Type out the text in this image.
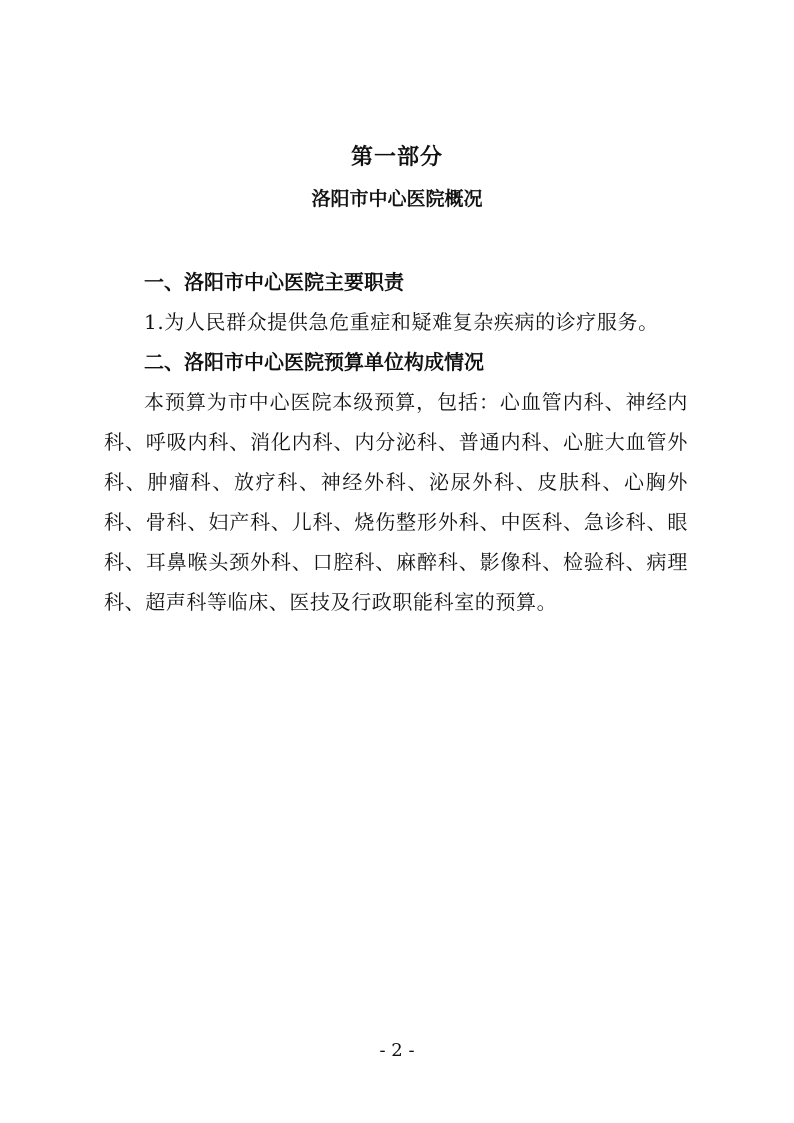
第一部分
洛阳市中心医院概况

一、洛阳市中心医院主要职责

1.为人民群众提供急危重症和疑难复杂疾病的诊疗服务。

二、洛阳市中心医院预算单位构成情况

本预算为市中心医院本级预算，包括：心血管内科、神经内科、呼吸内科、消化内科、内分泌科、普通内科、心脏大血管外科、肿瘤科、放疗科、神经外科、泌尿外科、皮肤科、心胸外科、骨科、妇产科、儿科、烧伤整形外科、中医科、急诊科、眼科、耳鼻喉头颈外科、口腔科、麻醉科、影像科、检验科、病理科、超声科等临床、医技及行政职能科室的预算。

- 2 -
